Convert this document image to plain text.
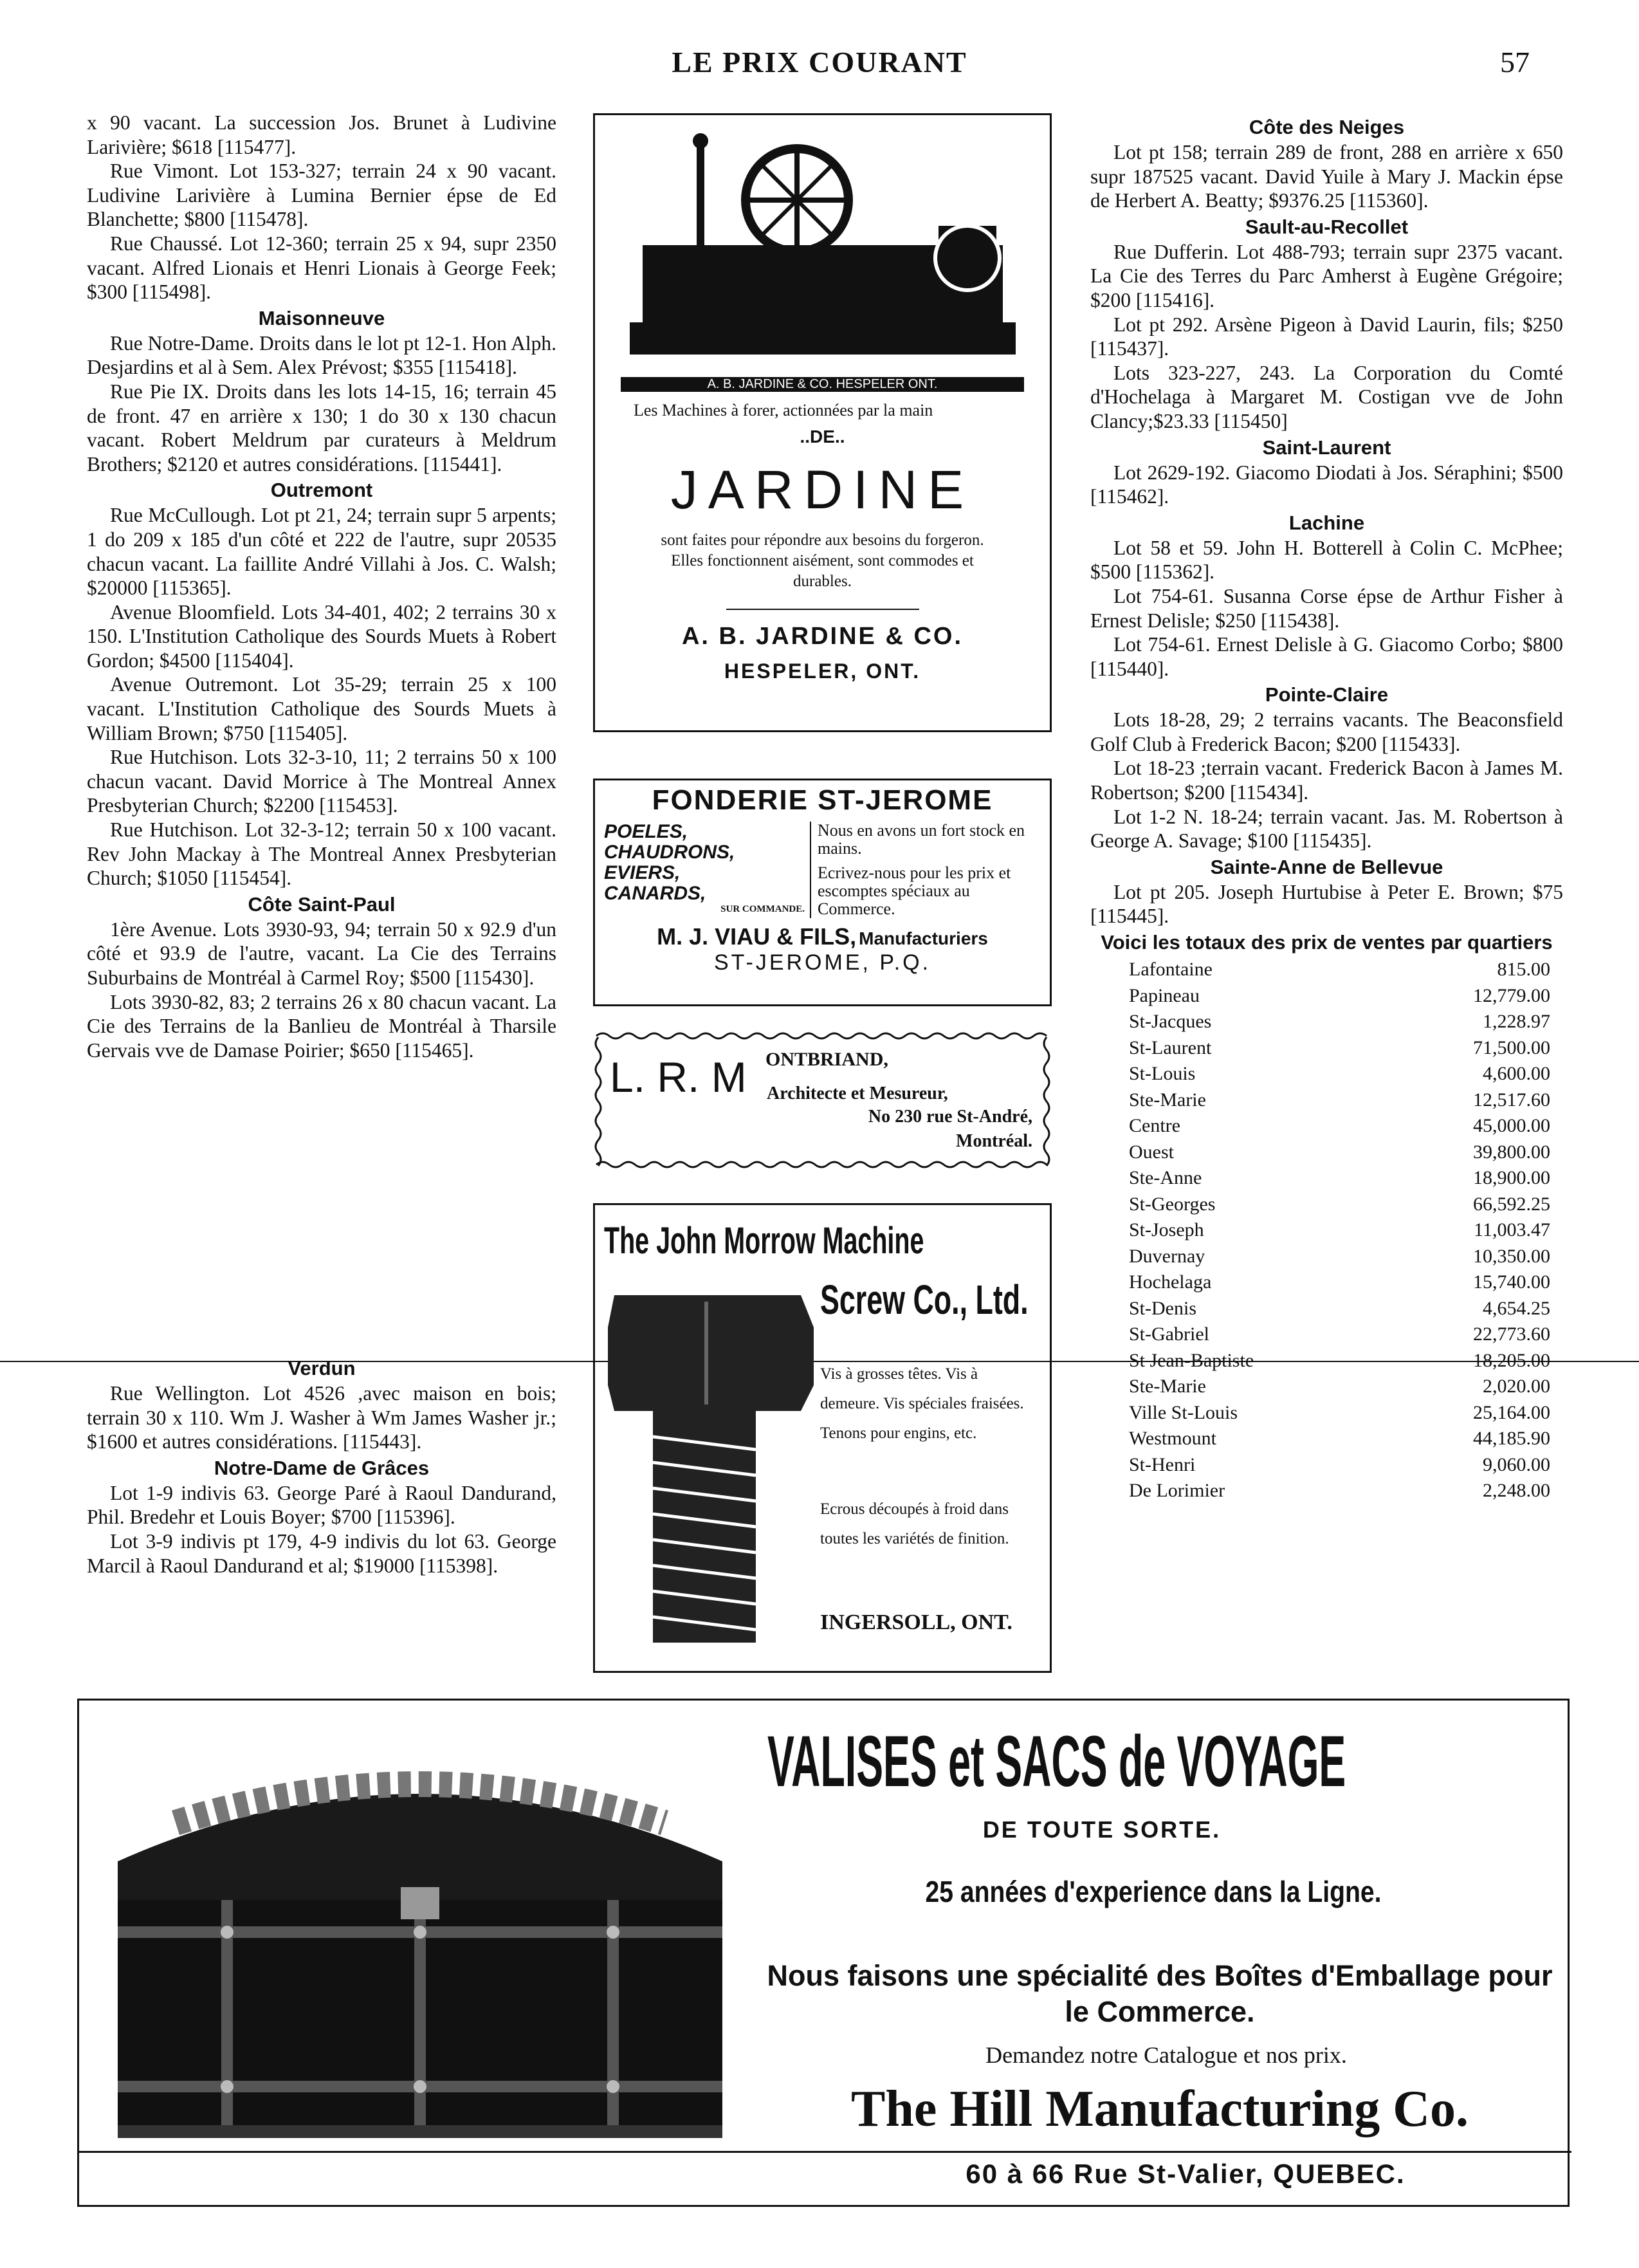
LE PRIX COURANT	57

x 90 vacant. La succession Jos. Brunet à Ludivine Larivière; $618 [115477].

Rue Vimont. Lot 153-327; terrain 24 x 90 vacant. Ludivine Larivière à Lumina Bernier épse de Ed Blanchette; $800 [115478].

Rue Chaussé. Lot 12-360; terrain 25 x 94, supr 2350 vacant. Alfred Lionais et Henri Lionais à George Feek; $300 [115498].

Maisonneuve

Rue Notre-Dame. Droits dans le lot pt 12-1. Hon Alph. Desjardins et al à Sem. Alex Prévost; $355 [115418].

Rue Pie IX. Droits dans les lots 14-15, 16; terrain 45 de front. 47 en arrière x 130; 1 do 30 x 130 chacun vacant. Robert Meldrum par curateurs à Meldrum Brothers; $2120 et autres considérations. [115441].

Outremont

Rue McCullough. Lot pt 21, 24; terrain supr 5 arpents; 1 do 209 x 185 d'un côté et 222 de l'autre, supr 20535 chacun vacant. La faillite André Villahi à Jos. C. Walsh; $20000 [115365].

Avenue Bloomfield. Lots 34-401, 402; 2 terrains 30 x 150. L'Institution Catholique des Sourds Muets à Robert Gordon; $4500 [115404].

Avenue Outremont. Lot 35-29; terrain 25 x 100 vacant. L'Institution Catholique des Sourds Muets à William Brown; $750 [115405].

Rue Hutchison. Lots 32-3-10, 11; 2 terrains 50 x 100 chacun vacant. David Morrice à The Montreal Annex Presbyterian Church; $2200 [115453].

Rue Hutchison. Lot 32-3-12; terrain 50 x 100 vacant. Rev John Mackay à The Montreal Annex Presbyterian Church; $1050 [115454].

Côte Saint-Paul

1ère Avenue. Lots 3930-93, 94; terrain 50 x 92.9 d'un côté et 93.9 de l'autre, vacant. La Cie des Terrains Suburbains de Montréal à Carmel Roy; $500 [115430].

Lots 3930-82, 83; 2 terrains 26 x 80 chacun vacant. La Cie des Terrains de la Banlieu de Montréal à Tharsile Gervais vve de Damase Poirier; $650 [115465].

Verdun

Rue Wellington. Lot 4526 ,avec maison en bois; terrain 30 x 110. Wm J. Washer à Wm James Washer jr.; $1600 et autres considérations. [115443].

Notre-Dame de Grâces

Lot 1-9 indivis 63. George Paré à Raoul Dandurand, Phil. Bredehr et Louis Boyer; $700 [115396].

Lot 3-9 indivis pt 179, 4-9 indivis du lot 63. George Marcil à Raoul Dandurand et al; $19000 [115398].

Côte des Neiges

Lot pt 158; terrain 289 de front, 288 en arrière x 650 supr 187525 vacant. David Yuile à Mary J. Mackin épse de Herbert A. Beatty; $9376.25 [115360].

Sault-au-Recollet

Rue Dufferin. Lot 488-793; terrain supr 2375 vacant. La Cie des Terres du Parc Amherst à Eugène Grégoire; $200 [115416].

Lot pt 292. Arsène Pigeon à David Laurin, fils; $250 [115437].

Lots 323-227, 243. La Corporation du Comté d'Hochelaga à Margaret M. Costigan vve de John Clancy;$23.33 [115450]

Saint-Laurent

Lot 2629-192. Giacomo Diodati à Jos. Séraphini; $500 [115462].

Lachine

Lot 58 et 59. John H. Botterell à Colin C. McPhee; $500 [115362].

Lot 754-61. Susanna Corse épse de Arthur Fisher à Ernest Delisle; $250 [115438].

Lot 754-61. Ernest Delisle à G. Giacomo Corbo; $800 [115440].

Pointe-Claire

Lots 18-28, 29; 2 terrains vacants. The Beaconsfield Golf Club à Frederick Bacon; $200 [115433].

Lot 18-23 ;terrain vacant. Frederick Bacon à James M. Robertson; $200 [115434].

Lot 1-2 N. 18-24; terrain vacant. Jas. M. Robertson à George A. Savage; $100 [115435].

Sainte-Anne de Bellevue

Lot pt 205. Joseph Hurtubise à Peter E. Brown; $75 [115445].

Voici les totaux des prix de ventes par quartiers
Lafontaine	815.00
Papineau	12,779.00
St-Jacques	1,228.97
St-Laurent	71,500.00
St-Louis	4,600.00
Ste-Marie	12,517.60
Centre	45,000.00
Ouest	39,800.00
Ste-Anne	18,900.00
St-Georges	66,592.25
St-Joseph	11,003.47
Duvernay	10,350.00
Hochelaga	15,740.00
St-Denis	4,654.25
St-Gabriel	22,773.60
St Jean-Baptiste	18,205.00
Ste-Marie	2,020.00
Ville St-Louis	25,164.00
Westmount	44,185.90
St-Henri	9,060.00
De Lorimier	2,248.00
A. B. JARDINE & CO. HESPELER ONT.
Les Machines à forer, actionnées par la main
..DE..
JARDINE
sont faites pour répondre aux besoins du forgeron. Elles fonctionnent aisément, sont commodes et durables.
A. B. JARDINE & CO.
HESPELER, ONT.
FONDERIE ST-JEROME
POELES,
CHAUDRONS,
EVIERS,
CANARDS,
SUR COMMANDE.
Nous en avons un fort stock en mains.
Ecrivez-nous pour les prix et escomptes spéciaux au Commerce.
M. J. VIAU & FILS, Manufacturiers
ST-JEROME, P.Q.
L. R. M ONTBRIAND,
Architecte et Mesureur,
No 230 rue St-André,
Montréal.
The John Morrow Machine
Screw Co., Ltd.
Vis à grosses têtes. Vis à demeure. Vis spéciales fraisées. Tenons pour engins, etc.
Ecrous découpés à froid dans toutes les variétés de finition.
INGERSOLL, ONT.
VALISES et SACS de VOYAGE
DE TOUTE SORTE.
25 années d'experience dans la Ligne.
Nous faisons une spécialité des Boîtes d'Emballage pour le Commerce.
Demandez notre Catalogue et nos prix.
The Hill Manufacturing Co.
60 à 66 Rue St-Valier, QUEBEC.
